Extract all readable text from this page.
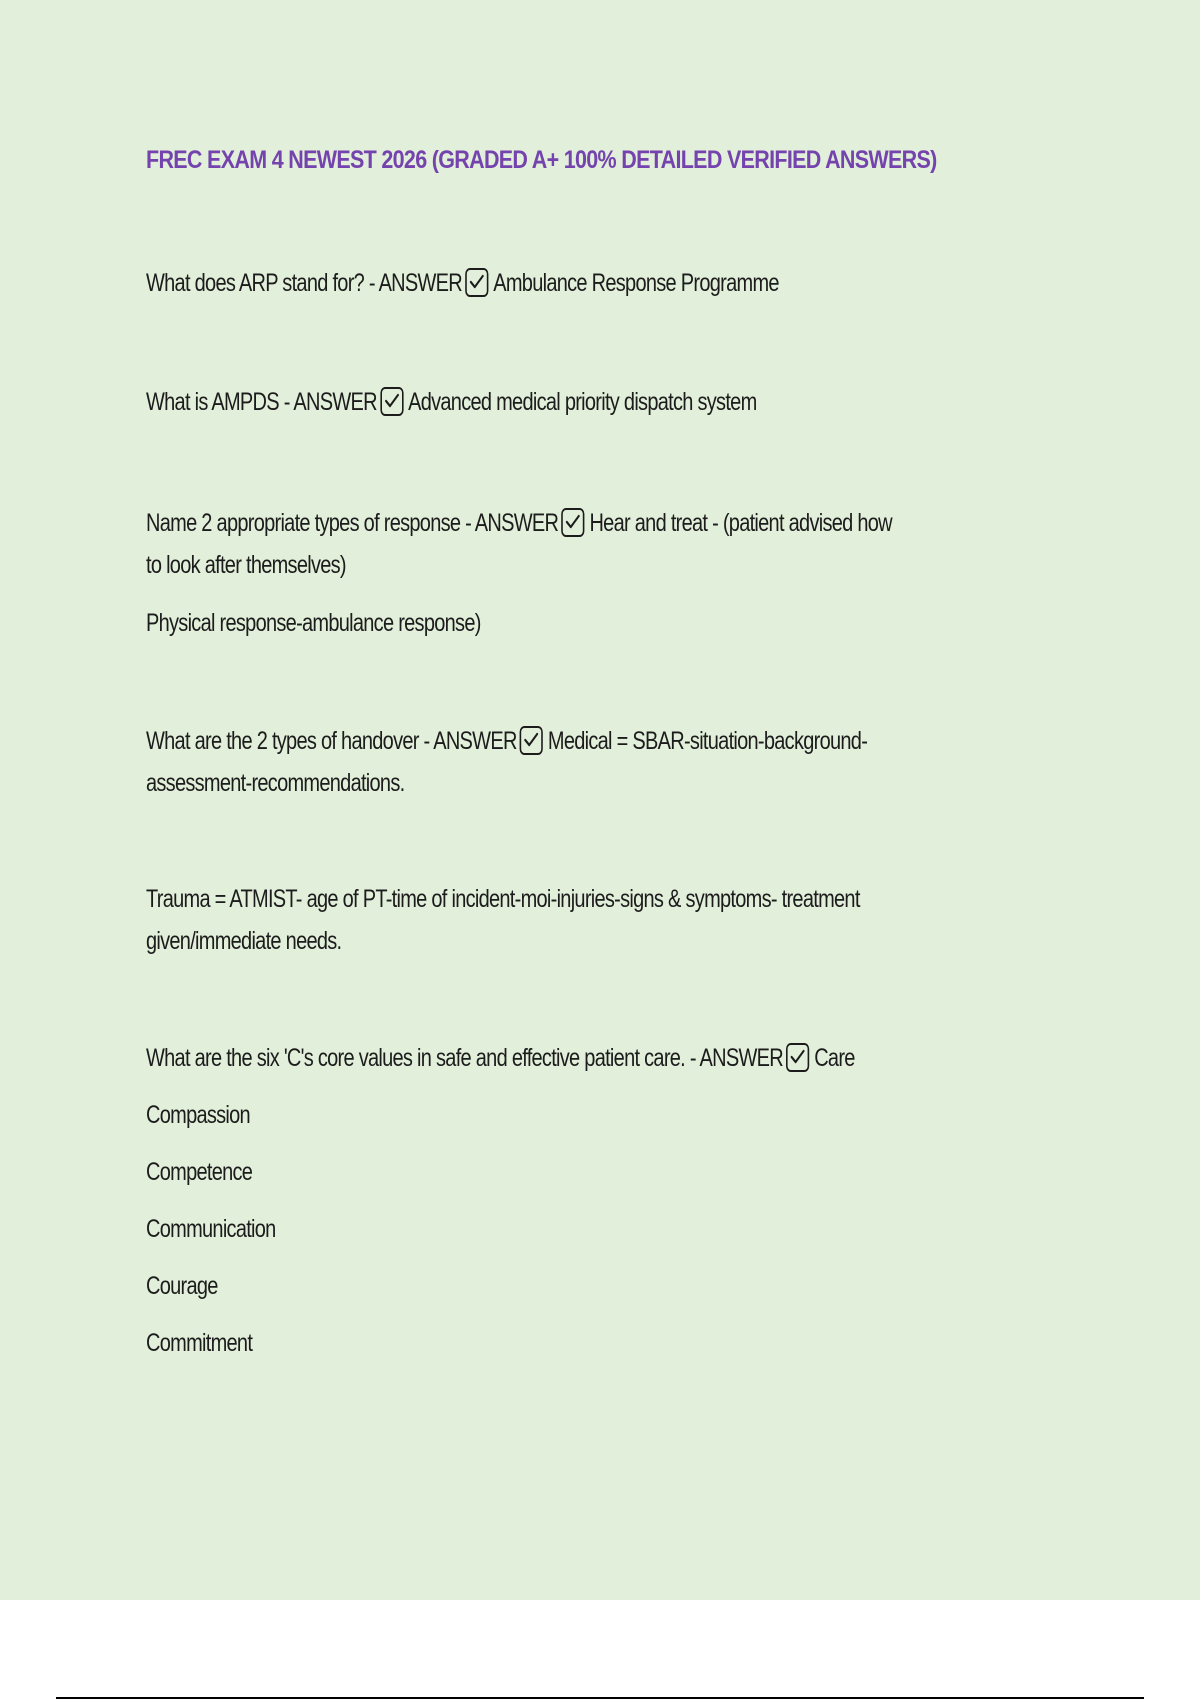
FREC EXAM 4 NEWEST 2026 (GRADED A+ 100% DETAILED VERIFIED ANSWERS)
What does ARP stand for? - ANSWER Ambulance Response Programme
What is AMPDS - ANSWER Advanced medical priority dispatch system
Name 2 appropriate types of response - ANSWER Hear and treat - (patient advised how
to look after themselves)
Physical response-ambulance response)
What are the 2 types of handover - ANSWER Medical = SBAR-situation-background-
assessment-recommendations.
Trauma = ATMIST- age of PT-time of incident-moi-injuries-signs & symptoms- treatment
given/immediate needs.
What are the six 'C's core values in safe and effective patient care. - ANSWER Care
Compassion
Competence
Communication
Courage
Commitment
